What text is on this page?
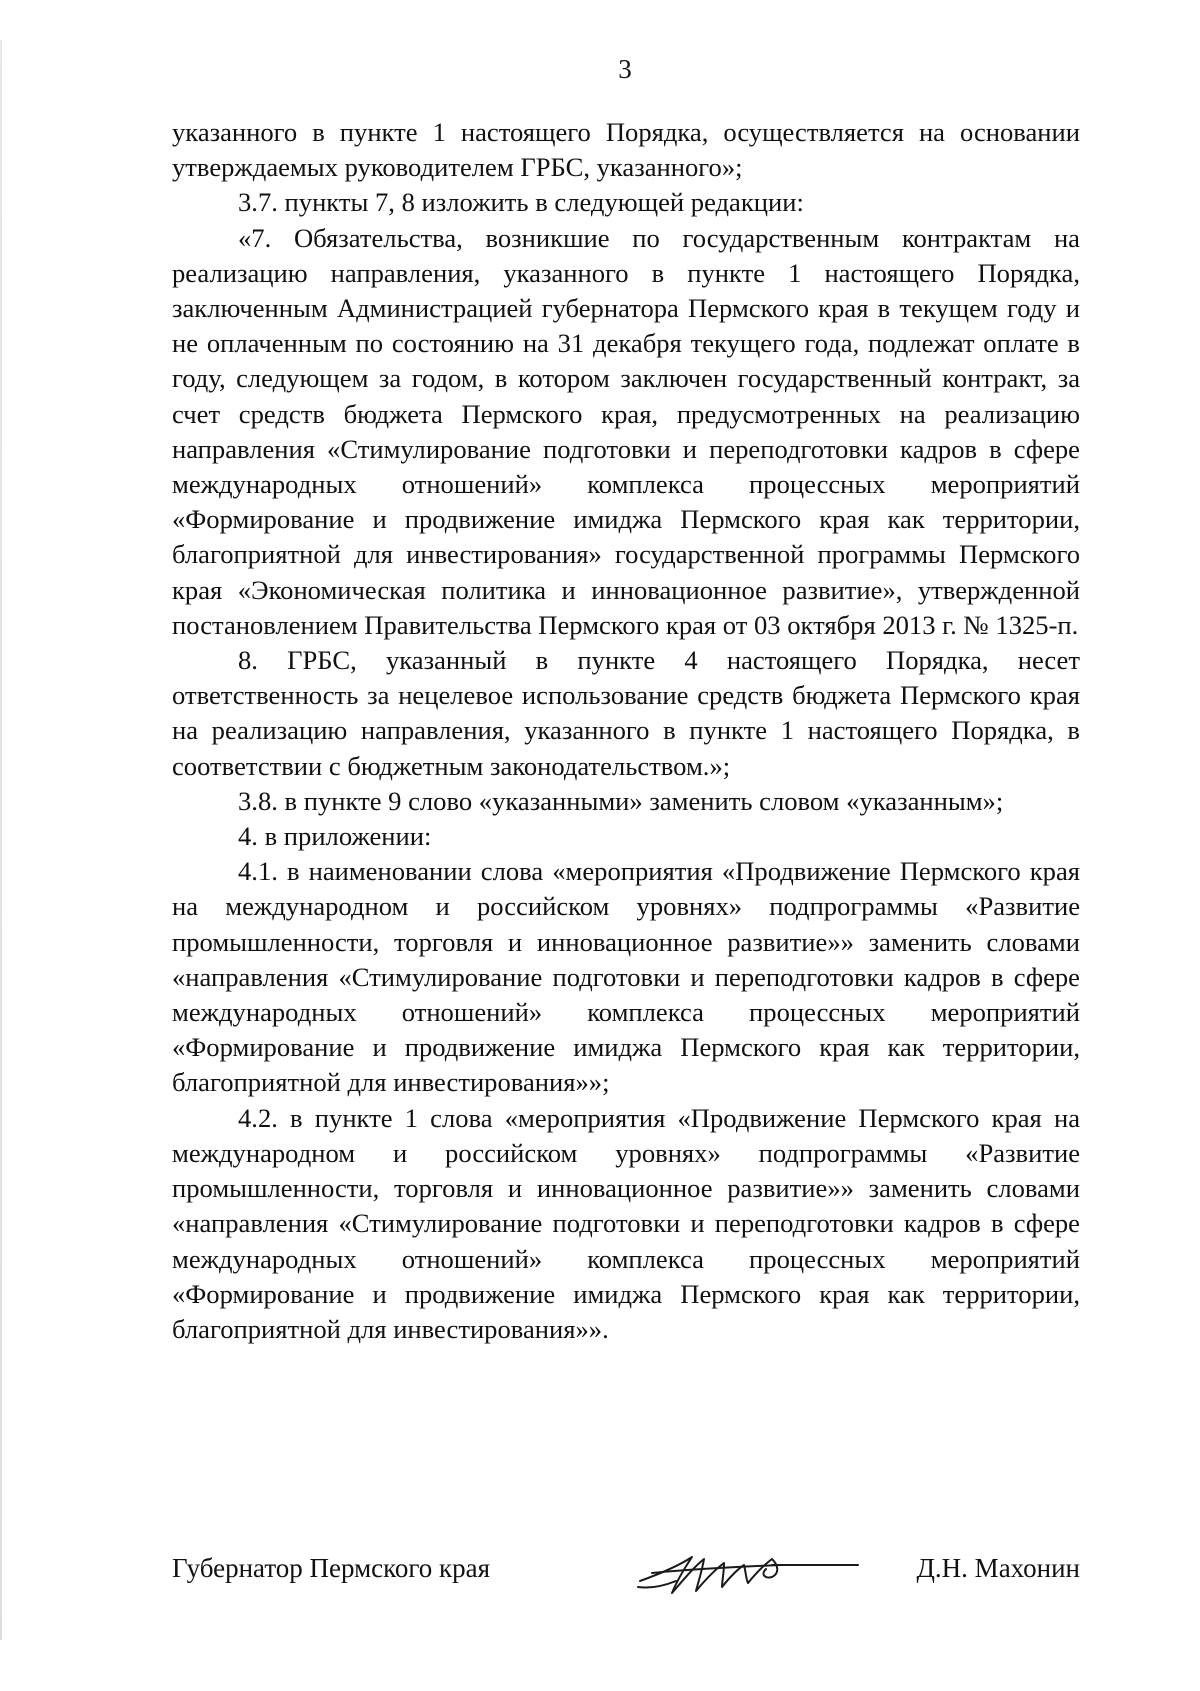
3

указанного в пункте 1 настоящего Порядка, осуществляется на основании утверждаемых руководителем ГРБС, указанного»;

3.7. пункты 7, 8 изложить в следующей редакции:

«7. Обязательства, возникшие по государственным контрактам на реализацию направления, указанного в пункте 1 настоящего Порядка, заключенным Администрацией губернатора Пермского края в текущем году и не оплаченным по состоянию на 31 декабря текущего года, подлежат оплате в году, следующем за годом, в котором заключен государственный контракт, за счет средств бюджета Пермского края, предусмотренных на реализацию направления «Стимулирование подготовки и переподготовки кадров в сфере международных отношений» комплекса процессных мероприятий «Формирование и продвижение имиджа Пермского края как территории, благоприятной для инвестирования» государственной программы Пермского края «Экономическая политика и инновационное развитие», утвержденной постановлением Правительства Пермского края от 03 октября 2013 г. № 1325-п.

8. ГРБС, указанный в пункте 4 настоящего Порядка, несет ответственность за нецелевое использование средств бюджета Пермского края на реализацию направления, указанного в пункте 1 настоящего Порядка, в соответствии с бюджетным законодательством.»;

3.8. в пункте 9 слово «указанными» заменить словом «указанным»;

4. в приложении:

4.1. в наименовании слова «мероприятия «Продвижение Пермского края на международном и российском уровнях» подпрограммы «Развитие промышленности, торговля и инновационное развитие»» заменить словами «направления «Стимулирование подготовки и переподготовки кадров в сфере международных отношений» комплекса процессных мероприятий «Формирование и продвижение имиджа Пермского края как территории, благоприятной для инвестирования»»;

4.2. в пункте 1 слова «мероприятия «Продвижение Пермского края на международном и российском уровнях» подпрограммы «Развитие промышленности, торговля и инновационное развитие»» заменить словами «направления «Стимулирование подготовки и переподготовки кадров в сфере международных отношений» комплекса процессных мероприятий «Формирование и продвижение имиджа Пермского края как территории, благоприятной для инвестирования»».

Губернатор Пермского края	Д.Н. Махонин
